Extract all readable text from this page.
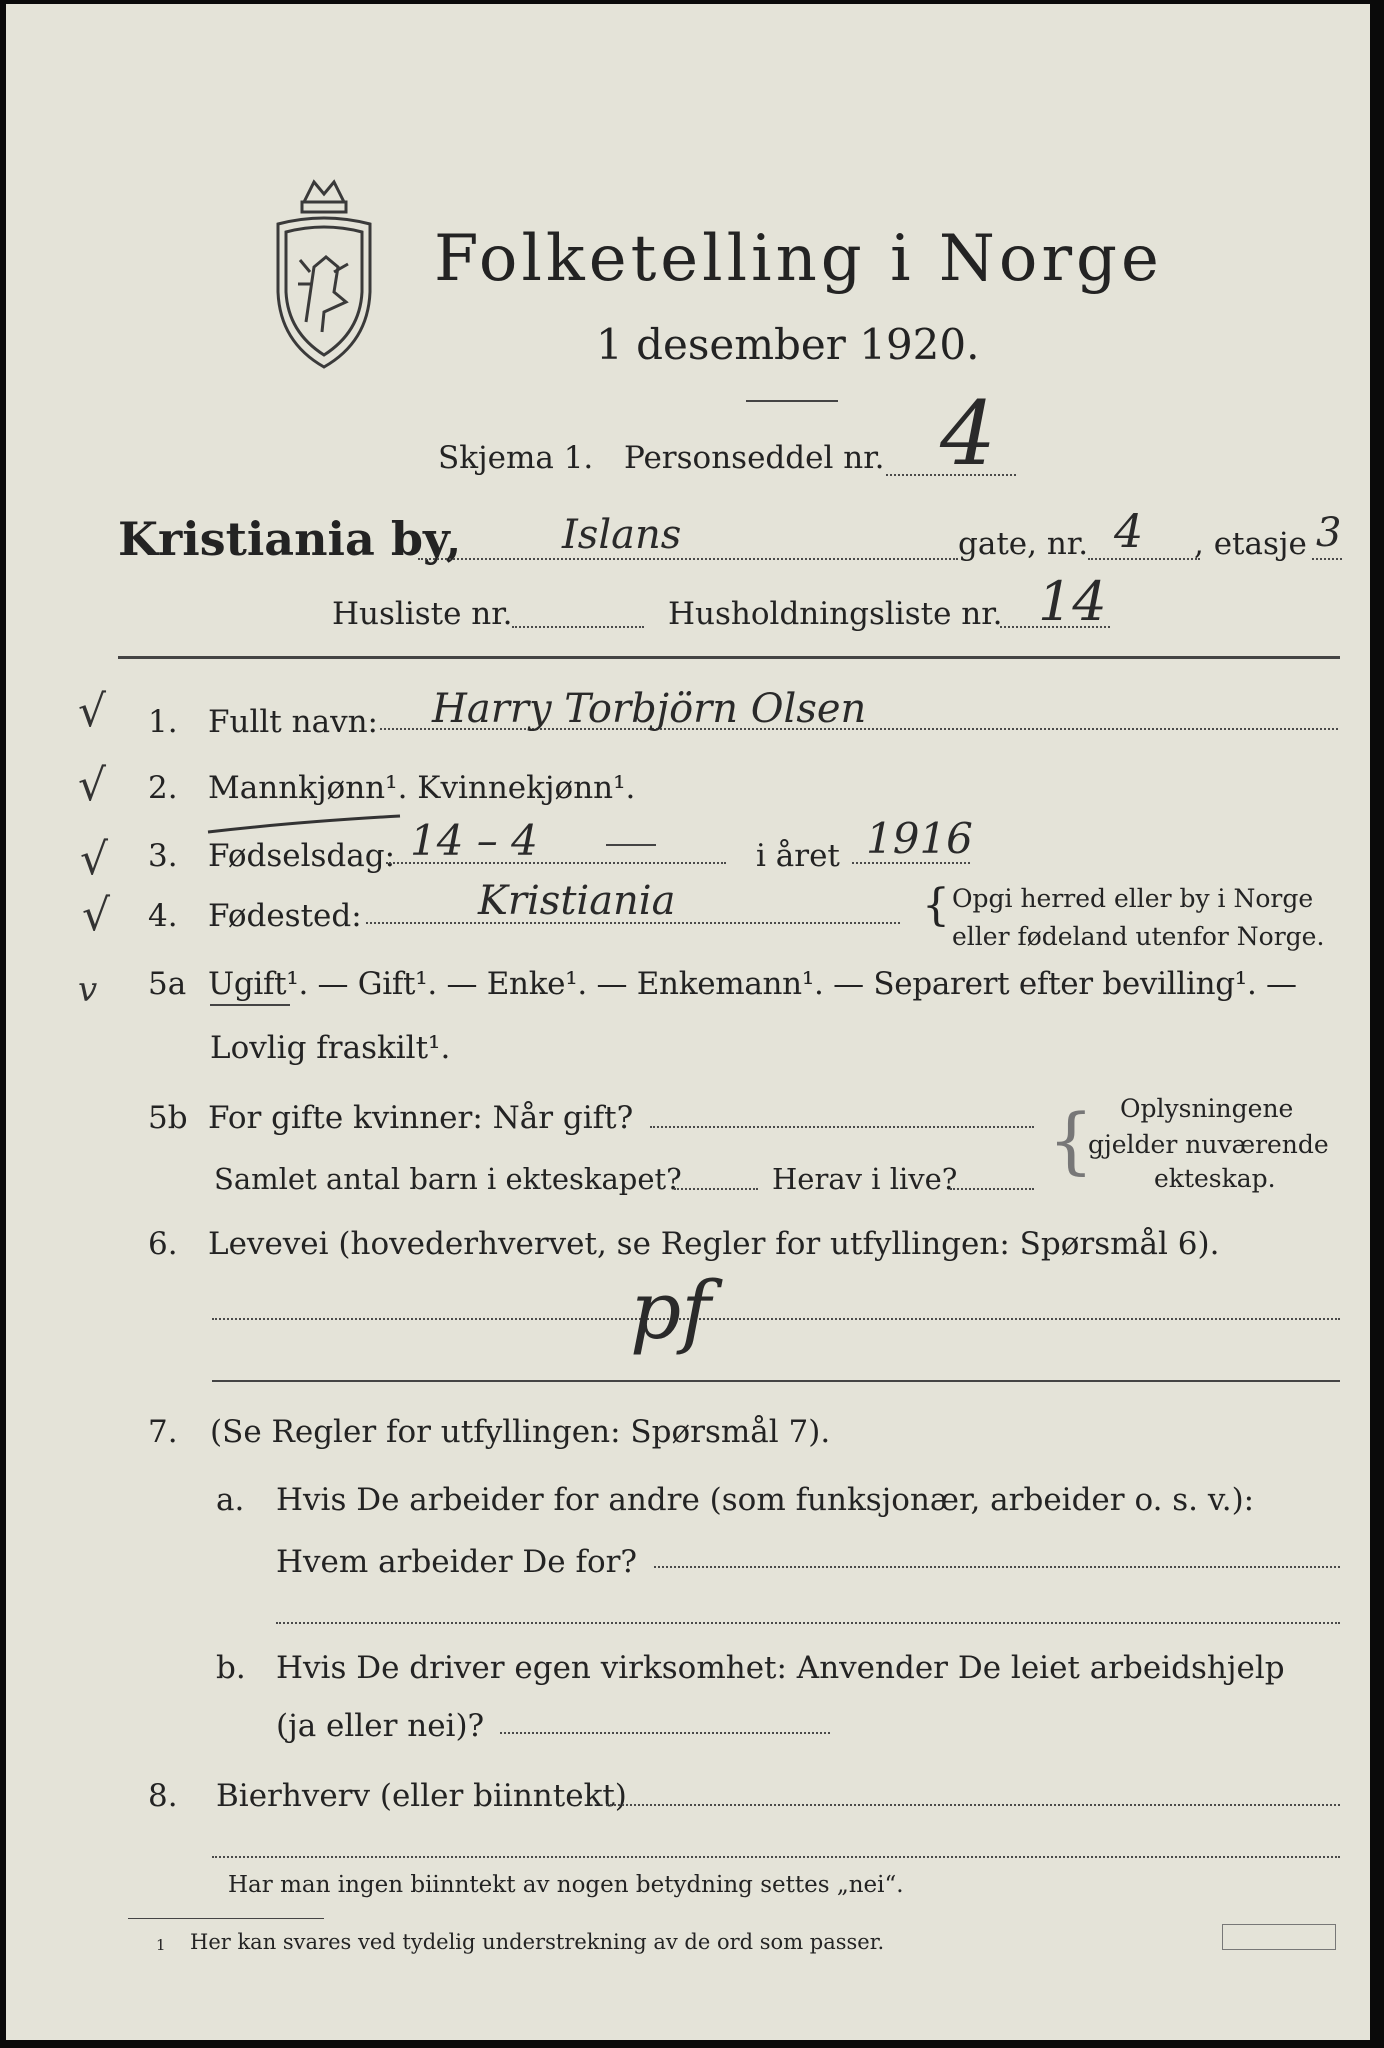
Folketelling i Norge
1 desember 1920.
Skjema 1. Personseddel nr. 4
Kristiania by,	Islans	gate, nr. 4 , etasje 3
Husliste nr.	Husholdningsliste nr. 14
√
√
√
√
v
1. Fullt navn: Harry Torbjörn Olsen
2. Mannkjønn¹. Kvinnekjønn¹.
3. Fødselsdag: 14 – 4	i året 1916
4. Fødested:	Kristiania	{ Opgi herred eller by i Norge
eller fødeland utenfor Norge.
5a Ugift¹. — Gift¹. — Enke¹. — Enkemann¹. — Separert efter bevilling¹. —
Lovlig fraskilt¹.
5b For gifte kvinner: Når gift?
Samlet antal barn i ekteskapet?	Herav i live? { Oplysningene
gjelder nuværende
ekteskap.
6. Levevei (hovederhvervet, se Regler for utfyllingen: Spørsmål 6).
pf
7. (Se Regler for utfyllingen: Spørsmål 7).
a. Hvis De arbeider for andre (som funksjonær, arbeider o. s. v.):
Hvem arbeider De for?
b. Hvis De driver egen virksomhet: Anvender De leiet arbeidshjelp
(ja eller nei)?
8. Bierhverv (eller biinntekt)
Har man ingen biinntekt av nogen betydning settes „nei“.
1 Her kan svares ved tydelig understrekning av de ord som passer.
